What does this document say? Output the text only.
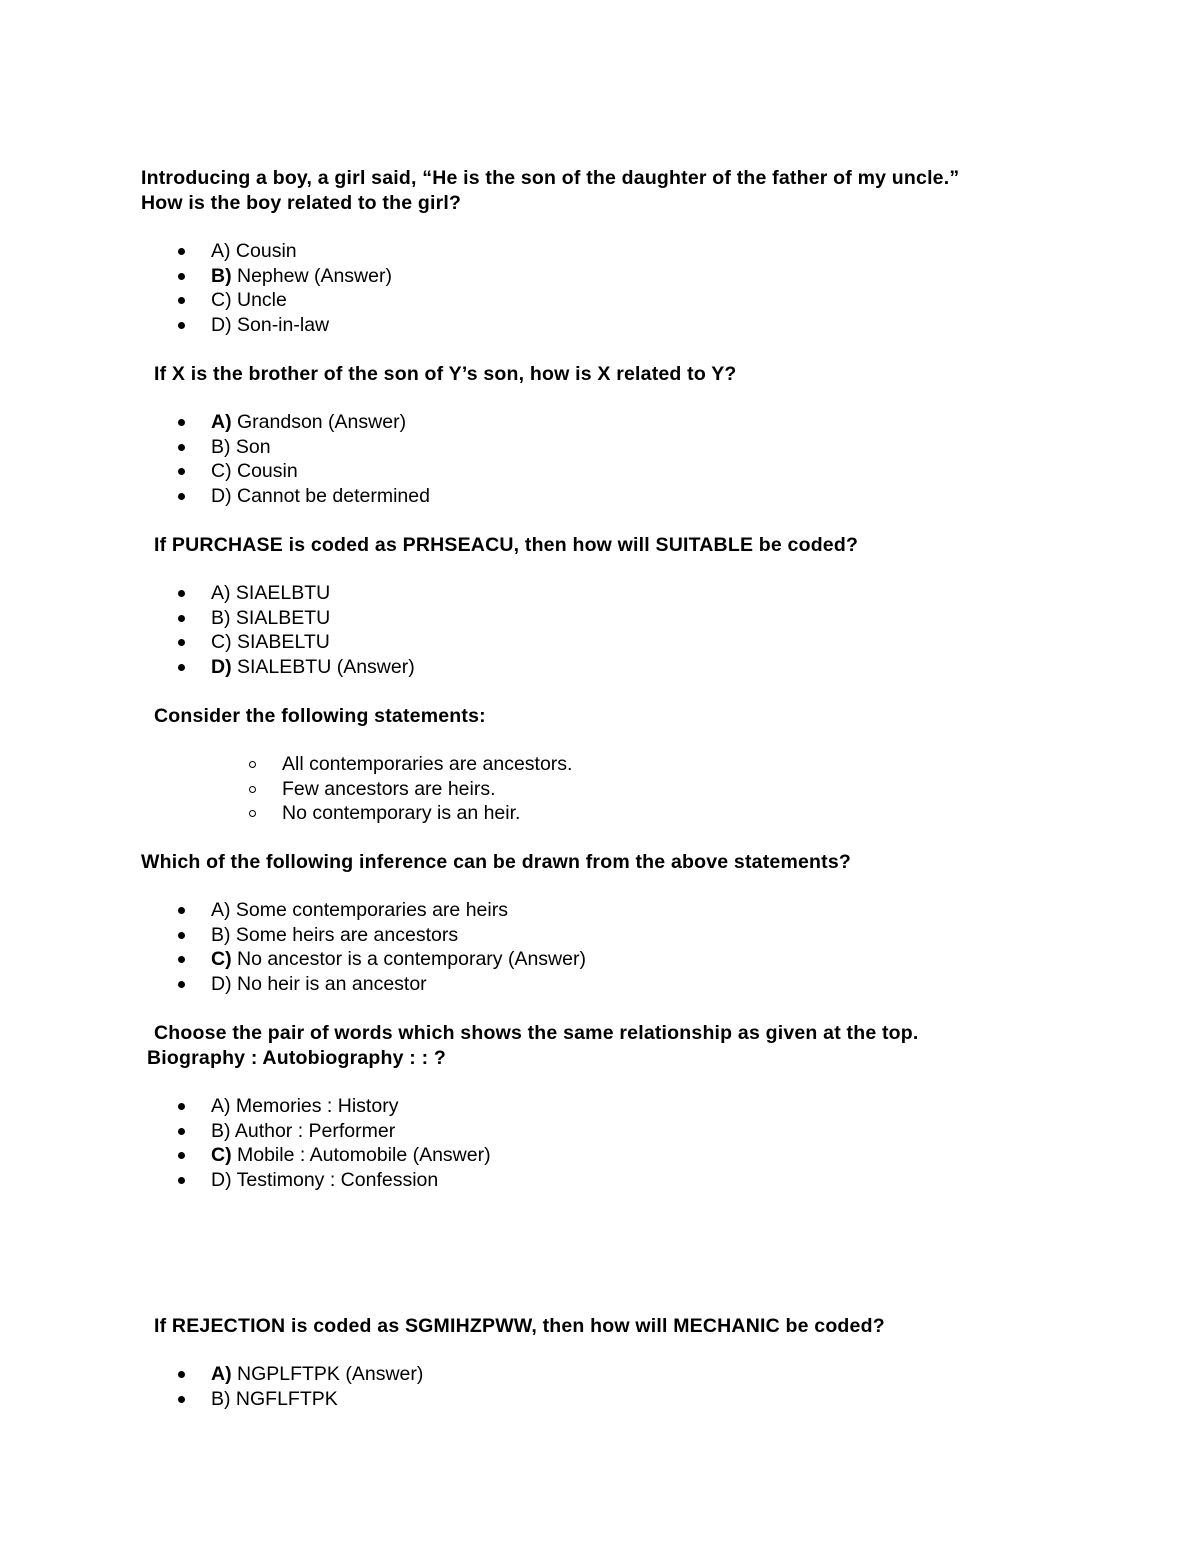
Introducing a boy, a girl said, “He is the son of the daughter of the father of my uncle.”
How is the boy related to the girl?
A) Cousin
B) Nephew (Answer)
C) Uncle
D) Son-in-law
If X is the brother of the son of Y’s son, how is X related to Y?
A) Grandson (Answer)
B) Son
C) Cousin
D) Cannot be determined
If PURCHASE is coded as PRHSEACU, then how will SUITABLE be coded?
A) SIAELBTU
B) SIALBETU
C) SIABELTU
D) SIALEBTU (Answer)
Consider the following statements:
All contemporaries are ancestors.
Few ancestors are heirs.
No contemporary is an heir.
Which of the following inference can be drawn from the above statements?
A) Some contemporaries are heirs
B) Some heirs are ancestors
C) No ancestor is a contemporary (Answer)
D) No heir is an ancestor
Choose the pair of words which shows the same relationship as given at the top.
Biography : Autobiography : : ?
A) Memories : History
B) Author : Performer
C) Mobile : Automobile (Answer)
D) Testimony : Confession
If REJECTION is coded as SGMIHZPWW, then how will MECHANIC be coded?
A) NGPLFTPK (Answer)
B) NGFLFTPK
